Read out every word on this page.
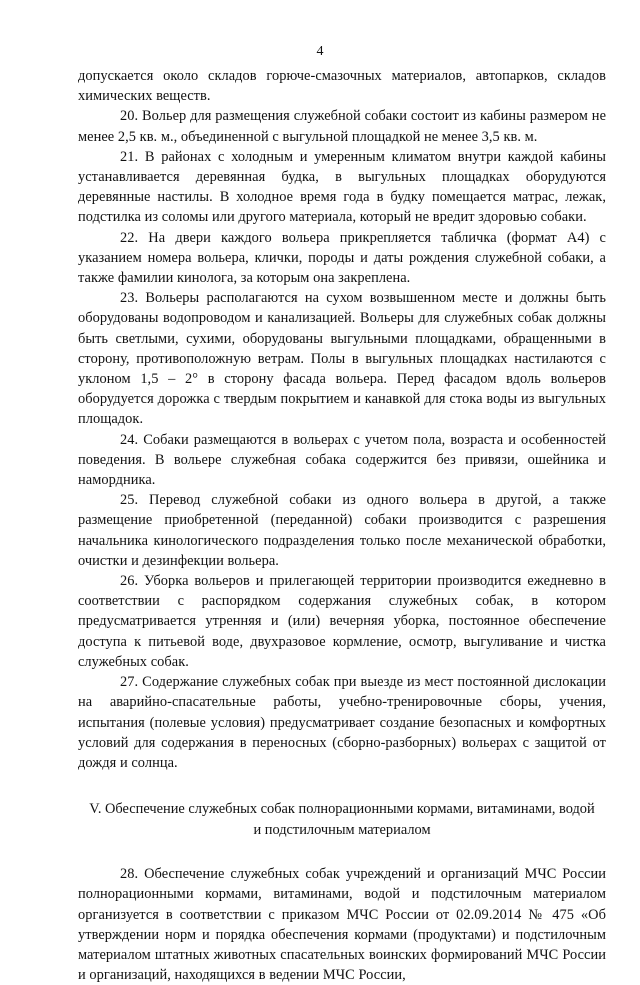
4

допускается около складов горюче-смазочных материалов, автопарков, складов химических веществ.

20. Вольер для размещения служебной собаки состоит из кабины размером не менее 2,5 кв. м., объединенной с выгульной площадкой не менее 3,5 кв. м.

21. В районах с холодным и умеренным климатом внутри каждой кабины устанавливается деревянная будка, в выгульных площадках оборудуются деревянные настилы. В холодное время года в будку помещается матрас, лежак, подстилка из соломы или другого материала, который не вредит здоровью собаки.

22. На двери каждого вольера прикрепляется табличка (формат А4) с указанием номера вольера, клички, породы и даты рождения служебной собаки, а также фамилии кинолога, за которым она закреплена.

23. Вольеры располагаются на сухом возвышенном месте и должны быть оборудованы водопроводом и канализацией. Вольеры для служебных собак должны быть светлыми, сухими, оборудованы выгульными площадками, обращенными в сторону, противоположную ветрам. Полы в выгульных площадках настилаются с уклоном 1,5 – 2° в сторону фасада вольера. Перед фасадом вдоль вольеров оборудуется дорожка с твердым покрытием и канавкой для стока воды из выгульных площадок.

24. Собаки размещаются в вольерах с учетом пола, возраста и особенностей поведения. В вольере служебная собака содержится без привязи, ошейника и намордника.

25. Перевод служебной собаки из одного вольера в другой, а также размещение приобретенной (переданной) собаки производится с разрешения начальника кинологического подразделения только после механической обработки, очистки и дезинфекции вольера.

26. Уборка вольеров и прилегающей территории производится ежедневно в соответствии с распорядком содержания служебных собак, в котором предусматривается утренняя и (или) вечерняя уборка, постоянное обеспечение доступа к питьевой воде, двухразовое кормление, осмотр, выгуливание и чистка служебных собак.

27. Содержание служебных собак при выезде из мест постоянной дислокации на аварийно-спасательные работы, учебно-тренировочные сборы, учения, испытания (полевые условия) предусматривает создание безопасных и комфортных условий для содержания в переносных (сборно-разборных) вольерах с защитой от дождя и солнца.

V. Обеспечение служебных собак полнорационными кормами, витаминами, водой
и подстилочным материалом

28. Обеспечение служебных собак учреждений и организаций МЧС России полнорационными кормами, витаминами, водой и подстилочным материалом организуется в соответствии с приказом МЧС России от 02.09.2014 № 475 «Об утверждении норм и порядка обеспечения кормами (продуктами) и подстилочным материалом штатных животных спасательных воинских формирований МЧС России и организаций, находящихся в ведении МЧС России,
